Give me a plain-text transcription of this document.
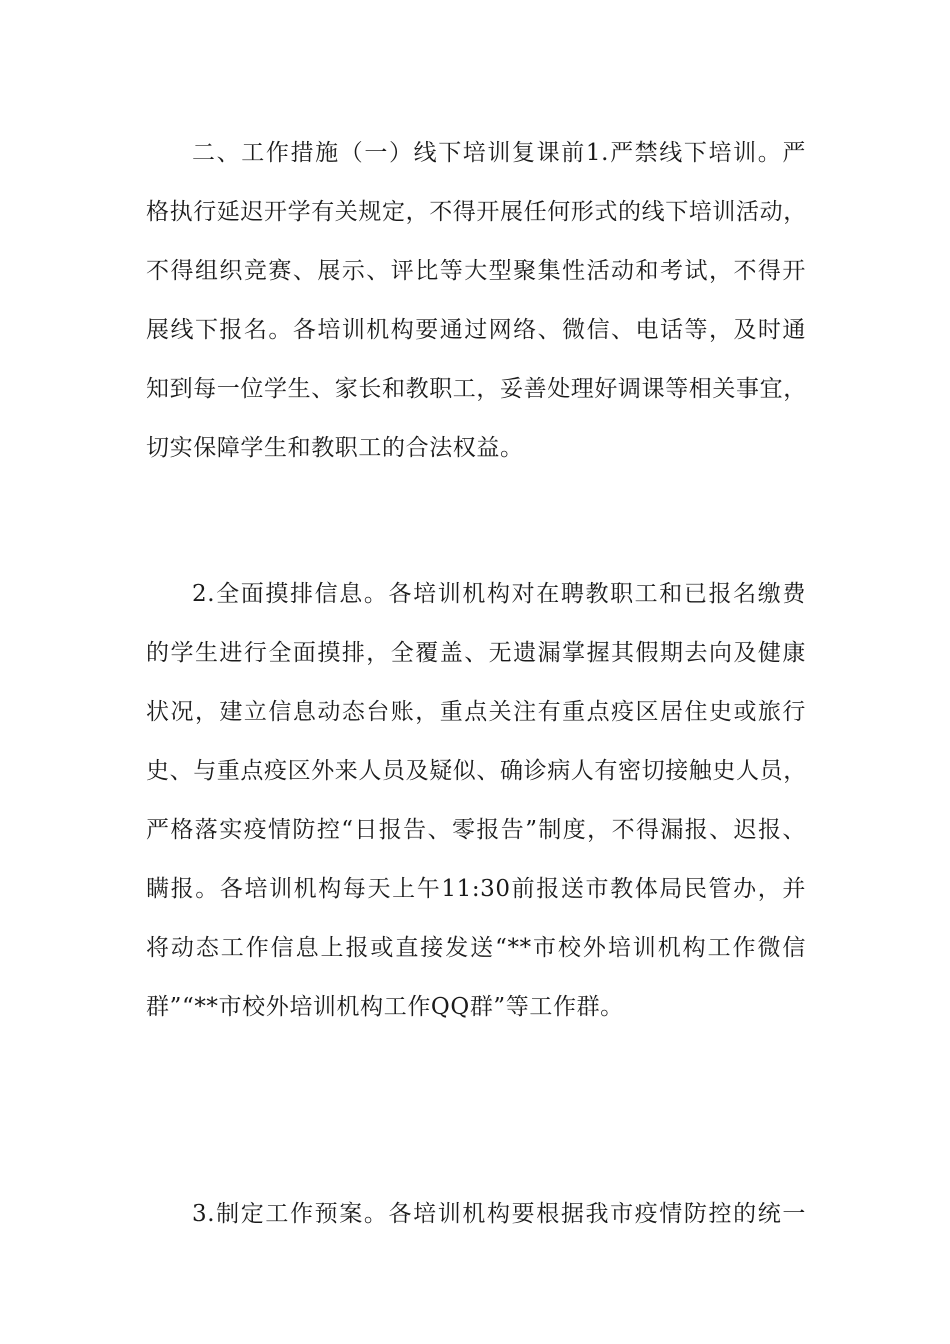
二、工作措施（一）线下培训复课前1.严禁线下培训。严
格执行延迟开学有关规定，不得开展任何形式的线下培训活动，
不得组织竞赛、展示、评比等大型聚集性活动和考试，不得开
展线下报名。各培训机构要通过网络、微信、电话等，及时通
知到每一位学生、家长和教职工，妥善处理好调课等相关事宜，
切实保障学生和教职工的合法权益。
2.全面摸排信息。各培训机构对在聘教职工和已报名缴费
的学生进行全面摸排，全覆盖、无遗漏掌握其假期去向及健康
状况，建立信息动态台账，重点关注有重点疫区居住史或旅行
史、与重点疫区外来人员及疑似、确诊病人有密切接触史人员，
严格落实疫情防控“日报告、零报告”制度，不得漏报、迟报、
瞒报。各培训机构每天上午11:30前报送市教体局民管办，并
将动态工作信息上报或直接发送“**市校外培训机构工作微信
群”“**市校外培训机构工作QQ群”等工作群。
3.制定工作预案。各培训机构要根据我市疫情防控的统一
